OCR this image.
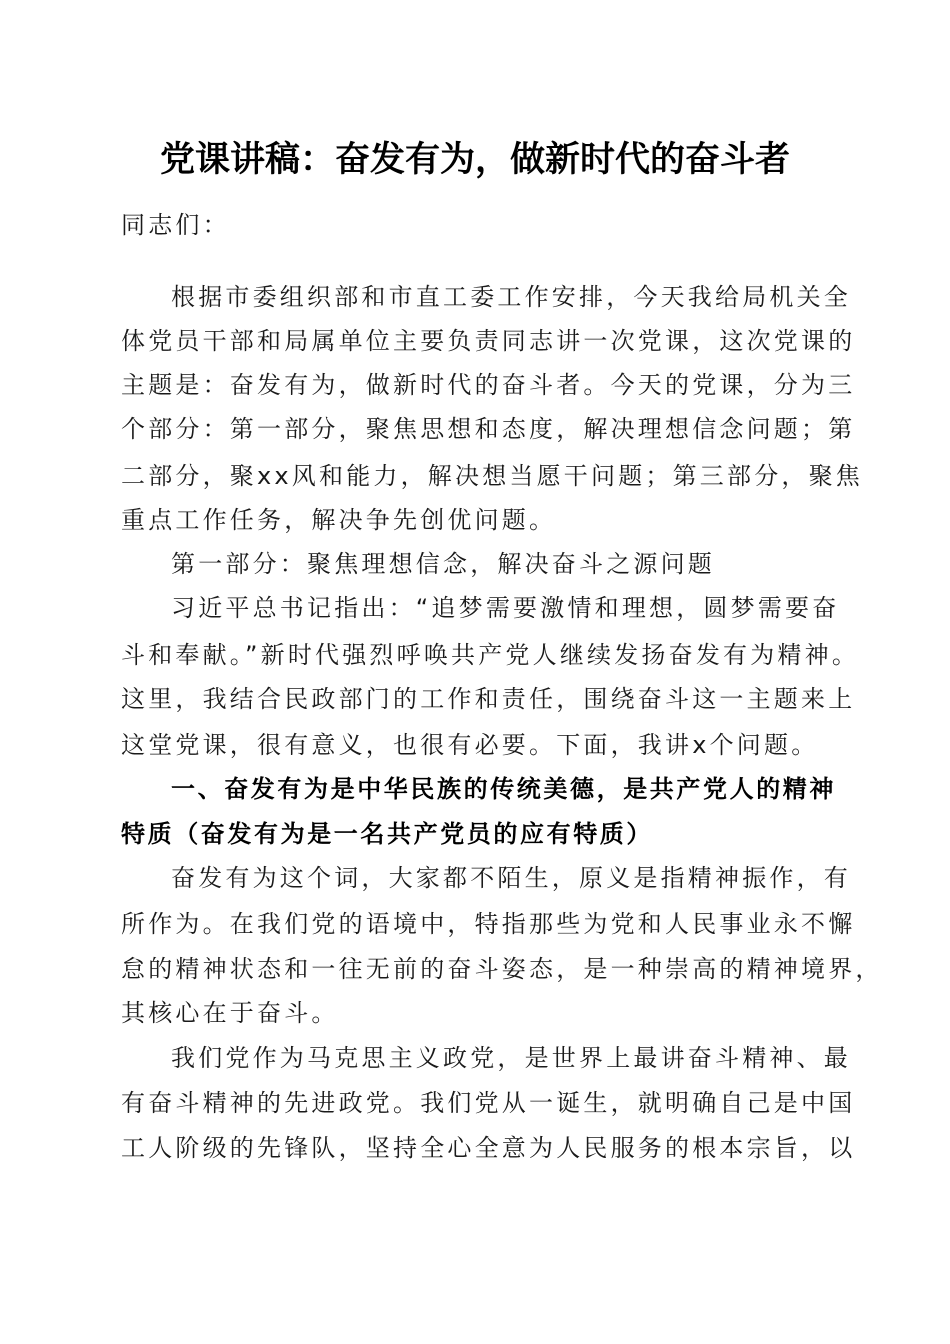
党课讲稿：奋发有为，做新时代的奋斗者
同志们：
根据市委组织部和市直工委工作安排，今天我给局机关全
体党员干部和局属单位主要负责同志讲一次党课，这次党课的
主题是：奋发有为，做新时代的奋斗者。今天的党课，分为三
个部分：第一部分，聚焦思想和态度，解决理想信念问题；第
二部分，聚xx风和能力，解决想当愿干问题；第三部分，聚焦
重点工作任务，解决争先创优问题。
第一部分：聚焦理想信念，解决奋斗之源问题
习近平总书记指出：“追梦需要激情和理想，圆梦需要奋
斗和奉献。”新时代强烈呼唤共产党人继续发扬奋发有为精神。
这里，我结合民政部门的工作和责任，围绕奋斗这一主题来上
这堂党课，很有意义，也很有必要。下面，我讲x个问题。
一、奋发有为是中华民族的传统美德，是共产党人的精神
特质（奋发有为是一名共产党员的应有特质）
奋发有为这个词，大家都不陌生，原义是指精神振作，有
所作为。在我们党的语境中，特指那些为党和人民事业永不懈
怠的精神状态和一往无前的奋斗姿态，是一种崇高的精神境界，
其核心在于奋斗。
我们党作为马克思主义政党，是世界上最讲奋斗精神、最
有奋斗精神的先进政党。我们党从一诞生，就明确自己是中国
工人阶级的先锋队，坚持全心全意为人民服务的根本宗旨，以
